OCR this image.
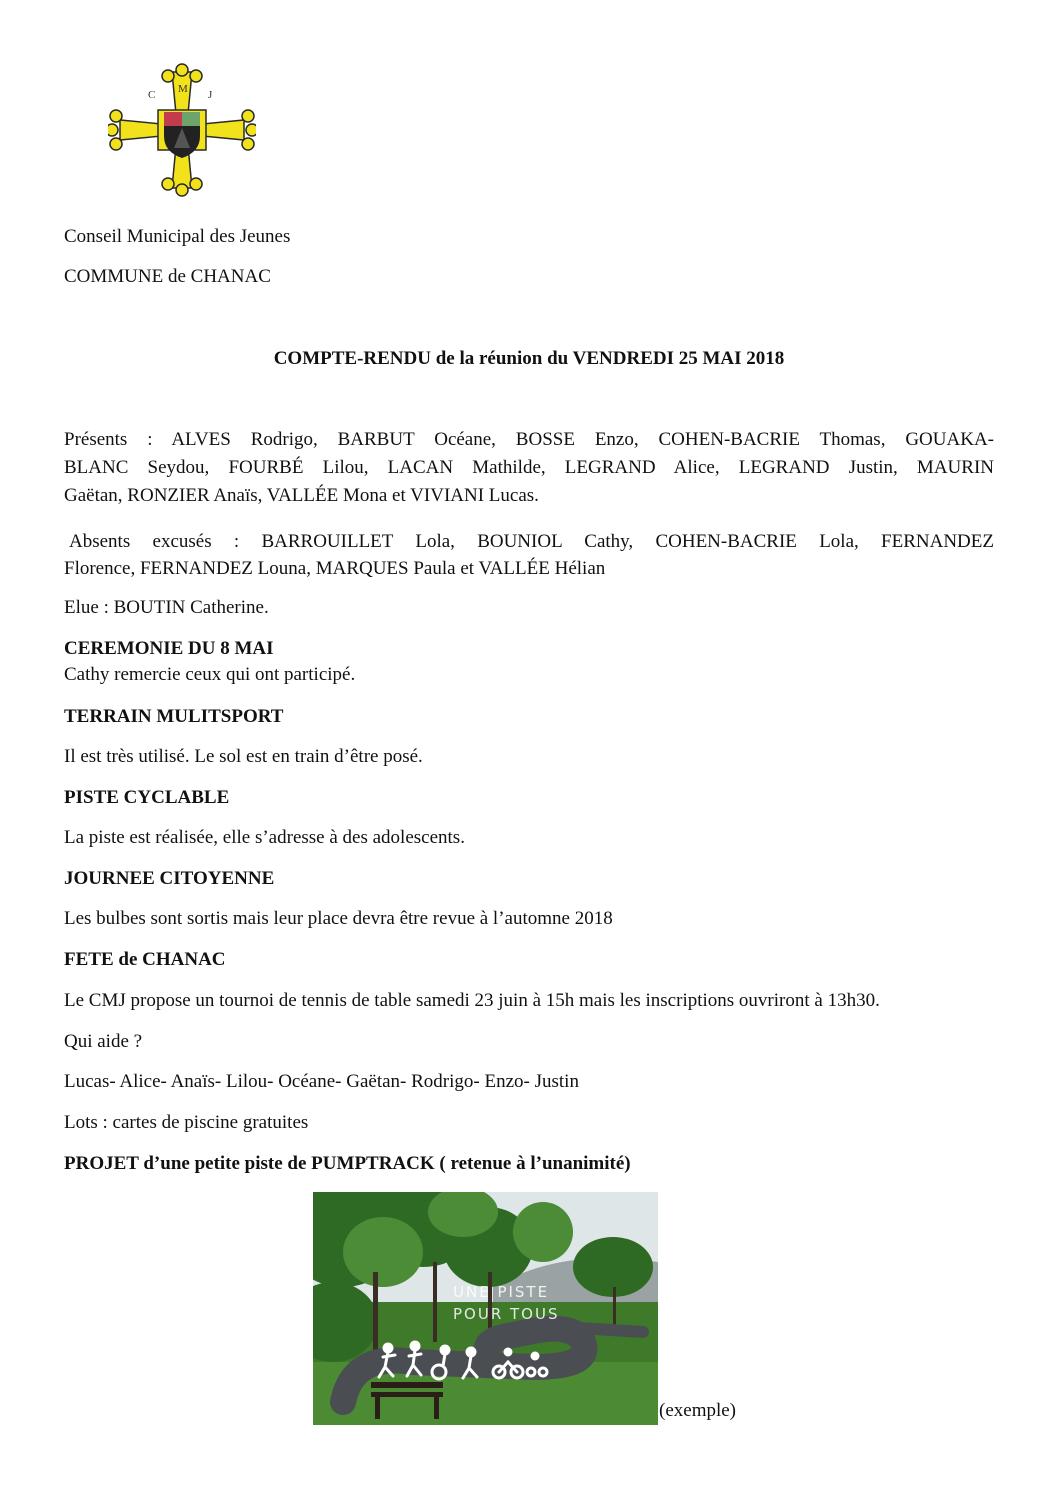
C M J
Conseil Municipal des Jeunes
COMMUNE de CHANAC
COMPTE-RENDU de la réunion du VENDREDI 25 MAI 2018
Présents : ALVES Rodrigo, BARBUT Océane, BOSSE Enzo, COHEN-BACRIE Thomas, GOUAKA-
BLANC Seydou, FOURBÉ Lilou, LACAN Mathilde, LEGRAND Alice, LEGRAND Justin, MAURIN
Gaëtan, RONZIER Anaïs, VALLÉE Mona et VIVIANI Lucas.
Absents excusés : BARROUILLET Lola, BOUNIOL Cathy, COHEN-BACRIE Lola, FERNANDEZ
Florence, FERNANDEZ Louna, MARQUES Paula et VALLÉE Hélian
Elue : BOUTIN Catherine.
CEREMONIE DU 8 MAI
Cathy remercie ceux qui ont participé.
TERRAIN MULITSPORT
Il est très utilisé. Le sol est en train d’être posé.
PISTE CYCLABLE
La piste est réalisée, elle s’adresse à des adolescents.
JOURNEE CITOYENNE
Les bulbes sont sortis mais leur place devra être revue à l’automne 2018
FETE de CHANAC
Le CMJ propose un tournoi de tennis de table samedi 23 juin à 15h mais les inscriptions ouvriront à 13h30.
Qui aide ?
Lucas- Alice- Anaïs- Lilou- Océane- Gaëtan- Rodrigo- Enzo- Justin
Lots : cartes de piscine gratuites
PROJET d’une petite piste de PUMPTRACK ( retenue à l’unanimité)
UNE PISTE
POUR TOUS
(exemple)
